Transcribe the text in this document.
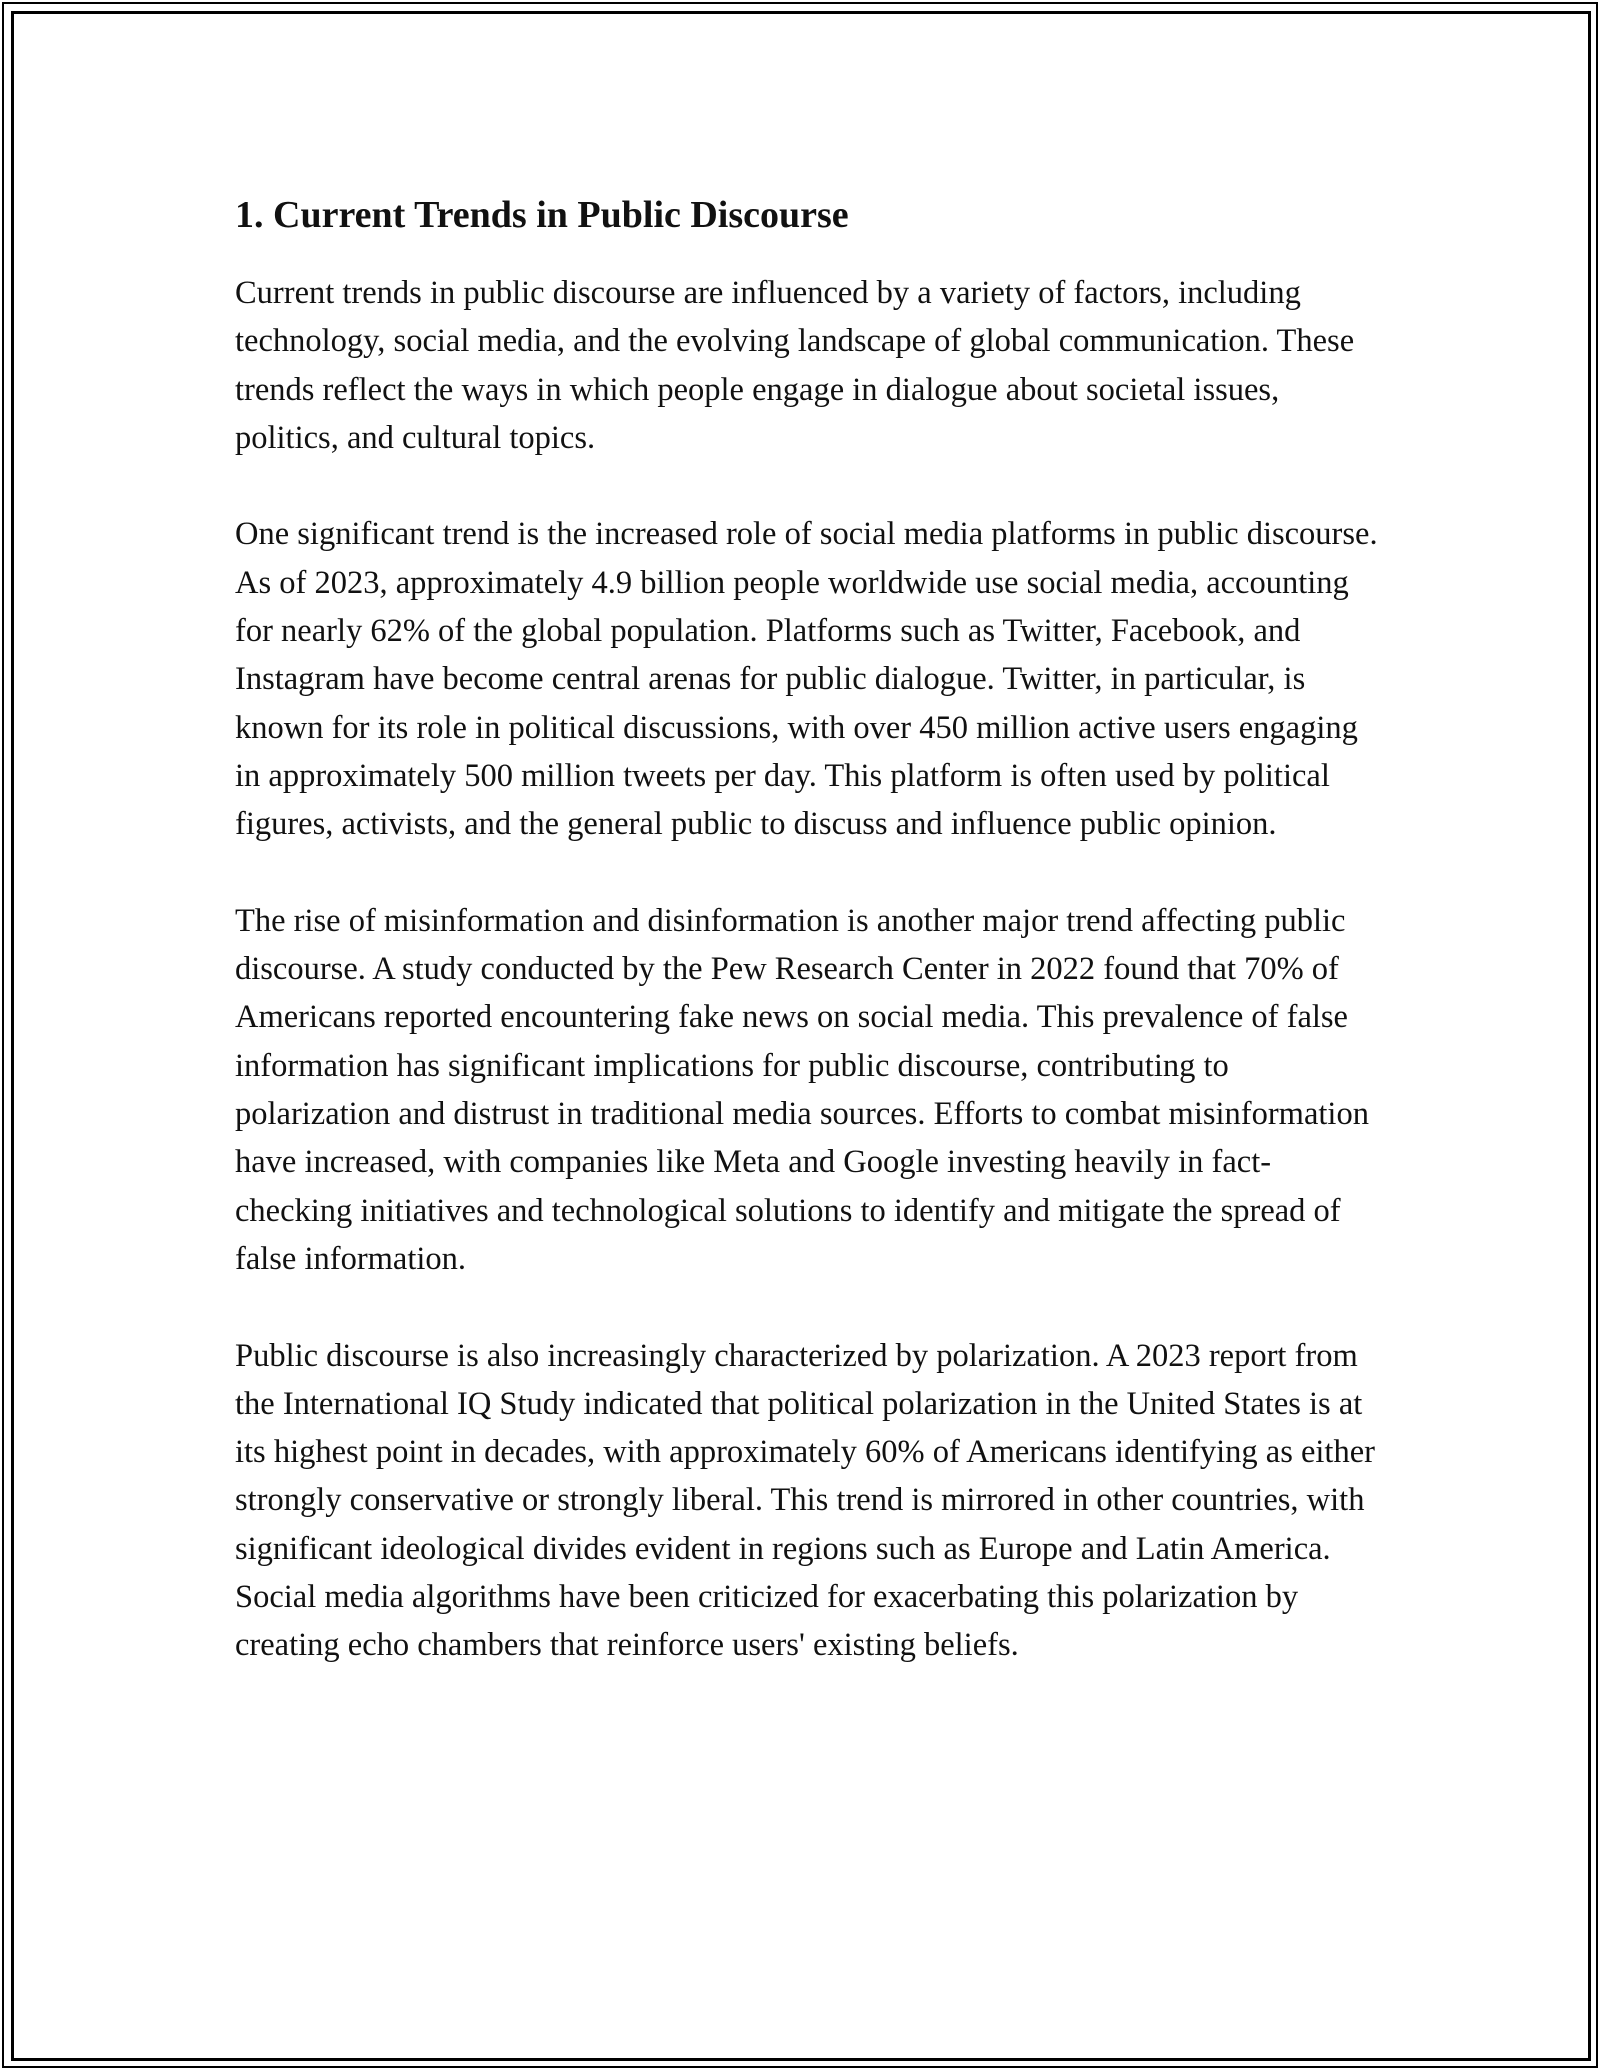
1. Current Trends in Public Discourse

Current trends in public discourse are influenced by a variety of factors, including technology, social media, and the evolving landscape of global communication. These trends reflect the ways in which people engage in dialogue about societal issues, politics, and cultural topics.

One significant trend is the increased role of social media platforms in public discourse. As of 2023, approximately 4.9 billion people worldwide use social media, accounting for nearly 62% of the global population. Platforms such as Twitter, Facebook, and Instagram have become central arenas for public dialogue. Twitter, in particular, is known for its role in political discussions, with over 450 million active users engaging in approximately 500 million tweets per day. This platform is often used by political figures, activists, and the general public to discuss and influence public opinion.

The rise of misinformation and disinformation is another major trend affecting public discourse. A study conducted by the Pew Research Center in 2022 found that 70% of Americans reported encountering fake news on social media. This prevalence of false information has significant implications for public discourse, contributing to polarization and distrust in traditional media sources. Efforts to combat misinformation have increased, with companies like Meta and Google investing heavily in fact-checking initiatives and technological solutions to identify and mitigate the spread of false information.

Public discourse is also increasingly characterized by polarization. A 2023 report from the International IQ Study indicated that political polarization in the United States is at its highest point in decades, with approximately 60% of Americans identifying as either strongly conservative or strongly liberal. This trend is mirrored in other countries, with significant ideological divides evident in regions such as Europe and Latin America. Social media algorithms have been criticized for exacerbating this polarization by creating echo chambers that reinforce users' existing beliefs.
